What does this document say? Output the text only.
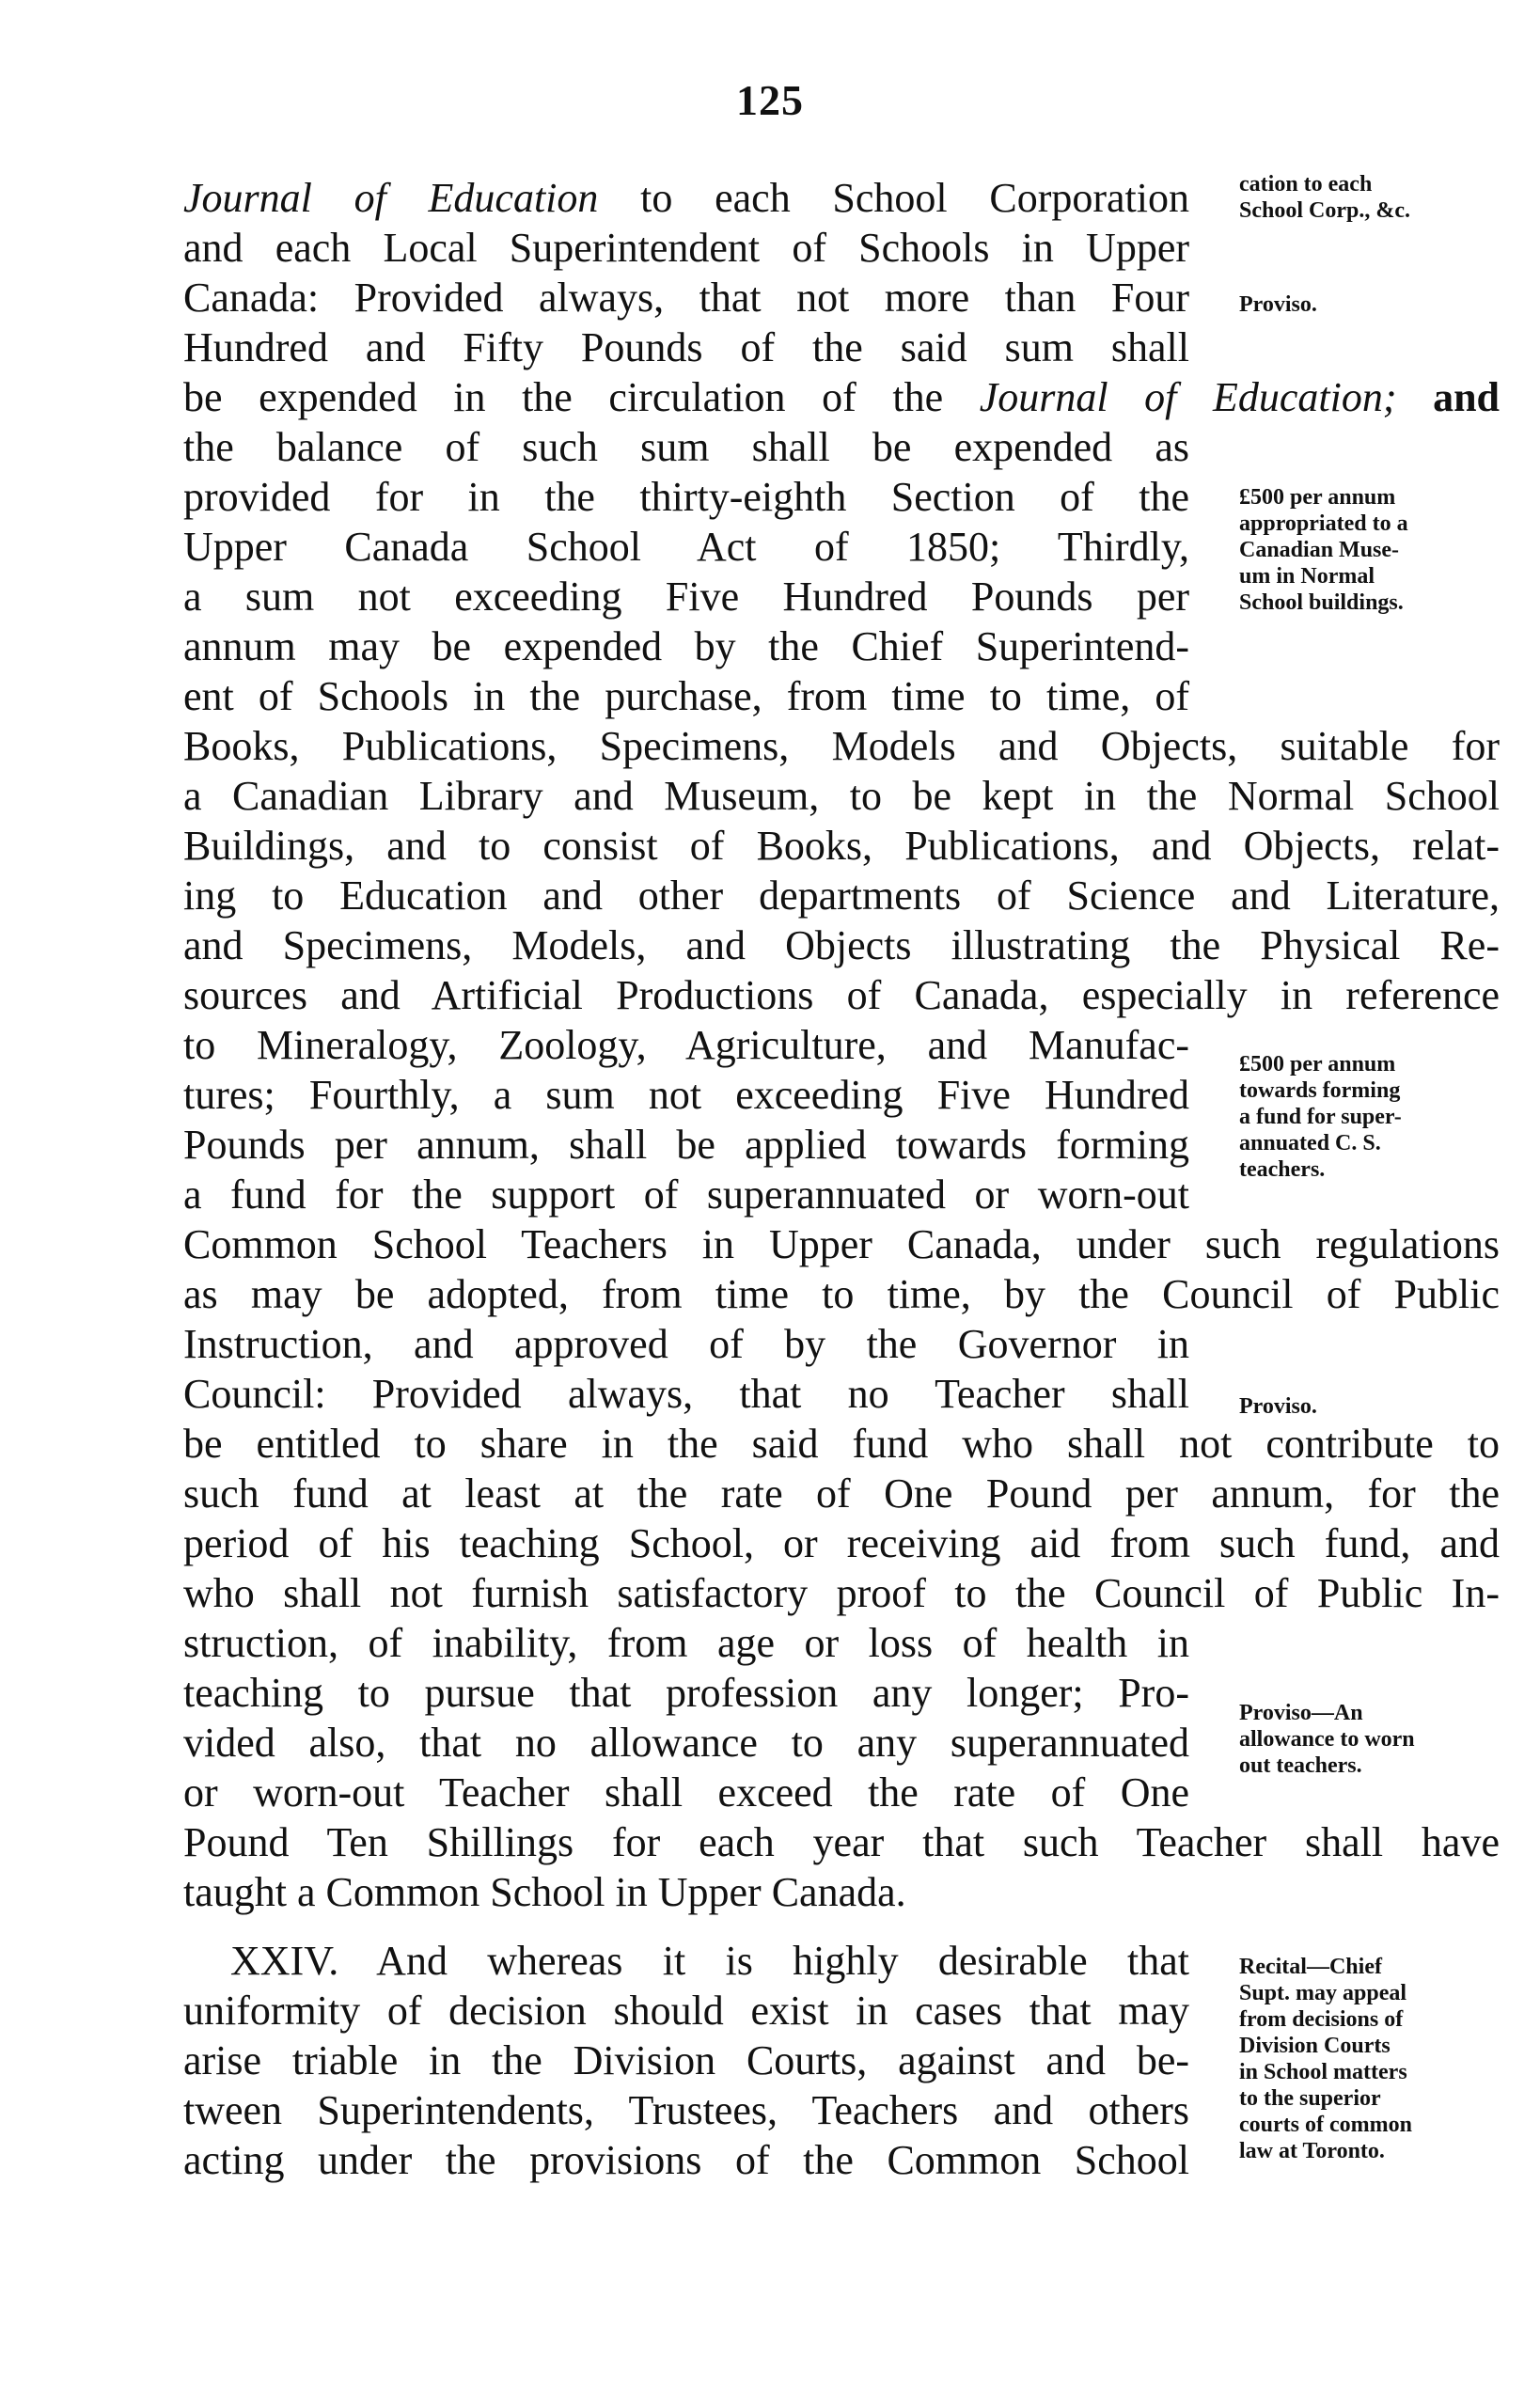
125
Journal of Education to each School Corporation
and each Local Superintendent of Schools in Upper
Canada: Provided always, that not more than Four
Hundred and Fifty Pounds of the said sum shall
be expended in the circulation of the Journal of Education; and
the balance of such sum shall be expended as
provided for in the thirty-eighth Section of the
Upper Canada School Act of 1850; Thirdly,
a sum not exceeding Five Hundred Pounds per
annum may be expended by the Chief Superintend-
ent of Schools in the purchase, from time to time, of
Books, Publications, Specimens, Models and Objects, suitable for
a Canadian Library and Museum, to be kept in the Normal School
Buildings, and to consist of Books, Publications, and Objects, relat-
ing to Education and other departments of Science and Literature,
and Specimens, Models, and Objects illustrating the Physical Re-
sources and Artificial Productions of Canada, especially in reference
to Mineralogy, Zoology, Agriculture, and Manufac-
tures; Fourthly, a sum not exceeding Five Hundred
Pounds per annum, shall be applied towards forming
a fund for the support of superannuated or worn-out
Common School Teachers in Upper Canada, under such regulations
as may be adopted, from time to time, by the Council of Public
Instruction, and approved of by the Governor in
Council: Provided always, that no Teacher shall
be entitled to share in the said fund who shall not contribute to
such fund at least at the rate of One Pound per annum, for the
period of his teaching School, or receiving aid from such fund, and
who shall not furnish satisfactory proof to the Council of Public In-
struction, of inability, from age or loss of health in
teaching to pursue that profession any longer; Pro-
vided also, that no allowance to any superannuated
or worn-out Teacher shall exceed the rate of One
Pound Ten Shillings for each year that such Teacher shall have
taught a Common School in Upper Canada.
XXIV. And whereas it is highly desirable that
uniformity of decision should exist in cases that may
arise triable in the Division Courts, against and be-
tween Superintendents, Trustees, Teachers and others
acting under the provisions of the Common School
cation to each
School Corp., &c.
Proviso.
£500 per annum
appropriated to a
Canadian Muse-
um in Normal
School buildings.
£500 per annum
towards forming
a fund for super-
annuated C. S.
teachers.
Proviso.
Proviso—An
allowance to worn
out teachers.
Recital—Chief
Supt. may appeal
from decisions of
Division Courts
in School matters
to the superior
courts of common
law at Toronto.
